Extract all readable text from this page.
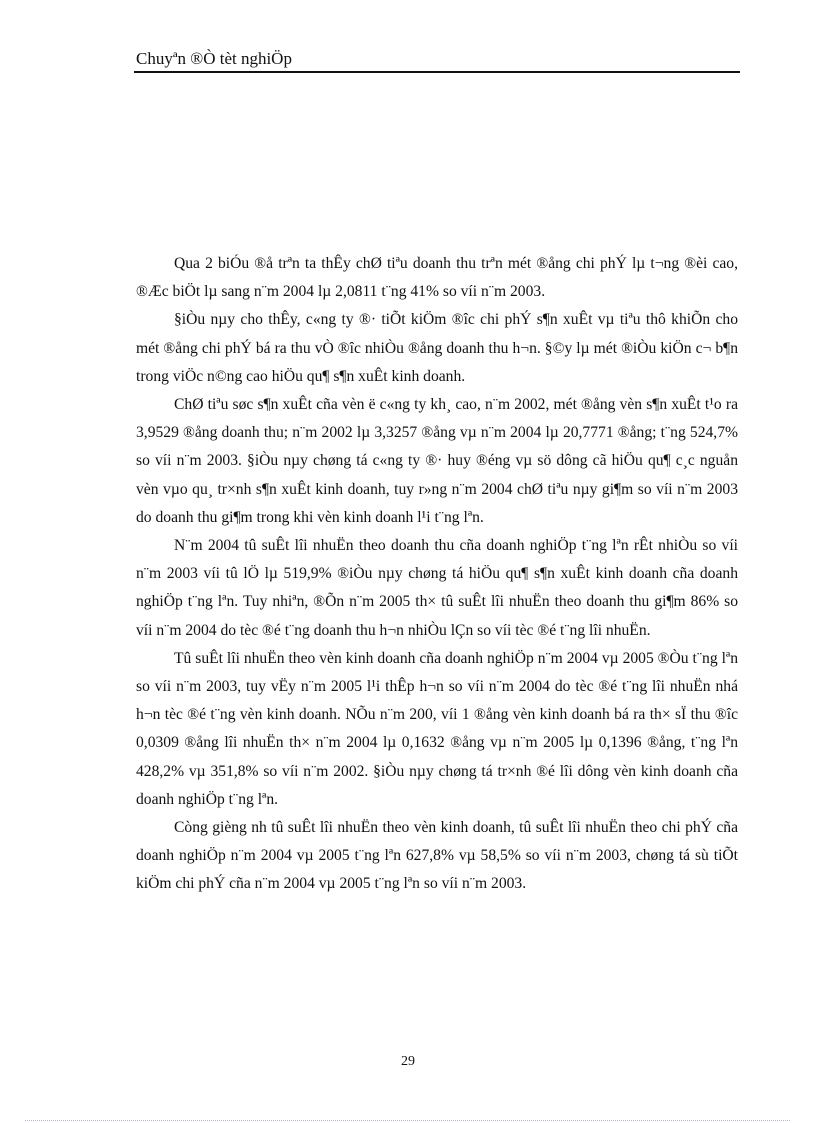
Chuyªn ®Ò tèt nghiÖp

Qua 2 biÓu ®å trªn ta thÊy chØ tiªu doanh thu trªn mét ®ång chi phÝ lµ t¬ng ®èi cao, ®Æc biÖt lµ sang n¨m 2004 lµ 2,0811 t¨ng 41% so víi n¨m 2003.

§iÒu nµy cho thÊy, c«ng ty ®· tiÕt kiÖm ®îc chi phÝ s¶n xuÊt vµ tiªu thô khiÕn cho mét ®ång chi phÝ bá ra thu vÒ ®îc nhiÒu ®ång doanh thu h¬n. §©y lµ mét ®iÒu kiÖn c¬ b¶n trong viÖc n©ng cao hiÖu qu¶ s¶n xuÊt kinh doanh.

ChØ tiªu søc s¶n xuÊt cña vèn ë c«ng ty kh¸ cao, n¨m 2002, mét ®ång vèn s¶n xuÊt t¹o ra 3,9529 ®ång doanh thu; n¨m 2002 lµ 3,3257 ®ång vµ n¨m 2004 lµ 20,7771 ®ång; t¨ng 524,7% so víi n¨m 2003. §iÒu nµy chøng tá c«ng ty ®· huy ®éng vµ sö dông cã hiÖu qu¶ c¸c nguån vèn vµo qu¸ tr×nh s¶n xuÊt kinh doanh, tuy r»ng n¨m 2004 chØ tiªu nµy gi¶m so víi n¨m 2003 do doanh thu gi¶m trong khi vèn kinh doanh l¹i t¨ng lªn.

N¨m 2004 tû suÊt lîi nhuËn theo doanh thu cña doanh nghiÖp t¨ng lªn rÊt nhiÒu so víi n¨m 2003 víi tû lÖ lµ 519,9% ®iÒu nµy chøng tá hiÖu qu¶ s¶n xuÊt kinh doanh cña doanh nghiÖp t¨ng lªn. Tuy nhiªn, ®Õn n¨m 2005 th× tû suÊt lîi nhuËn theo doanh thu gi¶m 86% so víi n¨m 2004 do tèc ®é t¨ng doanh thu h¬n nhiÒu lÇn so víi tèc ®é t¨ng lîi nhuËn.

Tû suÊt lîi nhuËn theo vèn kinh doanh cña doanh nghiÖp n¨m 2004 vµ 2005 ®Òu t¨ng lªn so víi n¨m 2003, tuy vËy n¨m 2005 l¹i thÊp h¬n so víi n¨m 2004 do tèc ®é t¨ng lîi nhuËn nhá h¬n tèc ®é t¨ng vèn kinh doanh. NÕu n¨m 200, víi 1 ®ång vèn kinh doanh bá ra th× sÏ thu ®îc 0,0309 ®ång lîi nhuËn th× n¨m 2004 lµ 0,1632 ®ång vµ n¨m 2005 lµ 0,1396 ®ång, t¨ng lªn 428,2% vµ 351,8% so víi n¨m 2002. §iÒu nµy chøng tá tr×nh ®é lîi dông vèn kinh doanh cña doanh nghiÖp t¨ng lªn.

Còng gièng nh tû suÊt lîi nhuËn theo vèn kinh doanh, tû suÊt lîi nhuËn theo chi phÝ cña doanh nghiÖp n¨m 2004 vµ 2005 t¨ng lªn 627,8% vµ 58,5% so víi n¨m 2003, chøng tá sù tiÕt kiÖm chi phÝ cña n¨m 2004 vµ 2005 t¨ng lªn so víi n¨m 2003.

29
